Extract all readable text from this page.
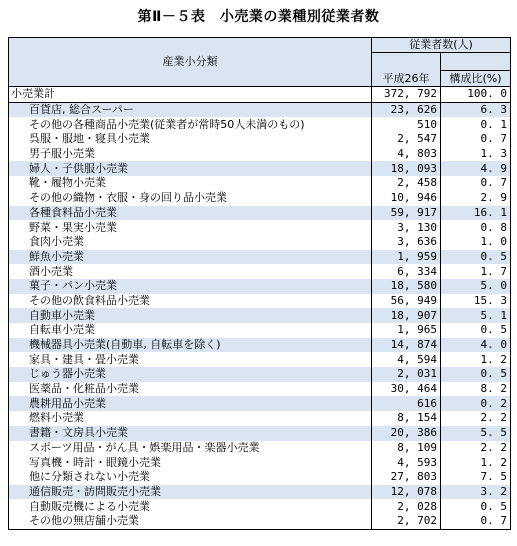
第Ⅱ－５表　小売業の業種別従業者数
産業小分類	従業者数(人)	
	平成26年	
		構成比(%)
小売業計	372, 792	100. 0
百貨店, 総合スーパー	23, 626	6. 3
その他の各種商品小売業(従業者が常時50人未満のもの)	510	0. 1
呉服・服地・寝具小売業	2, 547	0. 7
男子服小売業	4, 803	1. 3
婦人・子供服小売業	18, 093	4. 9
靴・履物小売業	2, 458	0. 7
その他の織物・衣服・身の回り品小売業	10, 946	2. 9
各種食料品小売業	59, 917	16. 1
野菜・果実小売業	3, 130	0. 8
食肉小売業	3, 636	1. 0
鮮魚小売業	1, 959	0. 5
酒小売業	6, 334	1. 7
菓子・パン小売業	18, 580	5. 0
その他の飲食料品小売業	56, 949	15. 3
自動車小売業	18, 907	5. 1
自転車小売業	1, 965	0. 5
機械器具小売業(自動車, 自転車を除く)	14, 874	4. 0
家具・建具・畳小売業	4, 594	1. 2
じゅう器小売業	2, 031	0. 5
医薬品・化粧品小売業	30, 464	8. 2
農耕用品小売業	616	0. 2
燃料小売業	8, 154	2. 2
書籍・文房具小売業	20, 386	5. 5
スポーツ用品・がん具・娯楽用品・楽器小売業	8, 109	2. 2
写真機・時計・眼鏡小売業	4, 593	1. 2
他に分類されない小売業	27, 803	7. 5
通信販売・訪問販売小売業	12, 078	3. 2
自動販売機による小売業	2, 028	0. 5
その他の無店舗小売業	2, 702	0. 7
